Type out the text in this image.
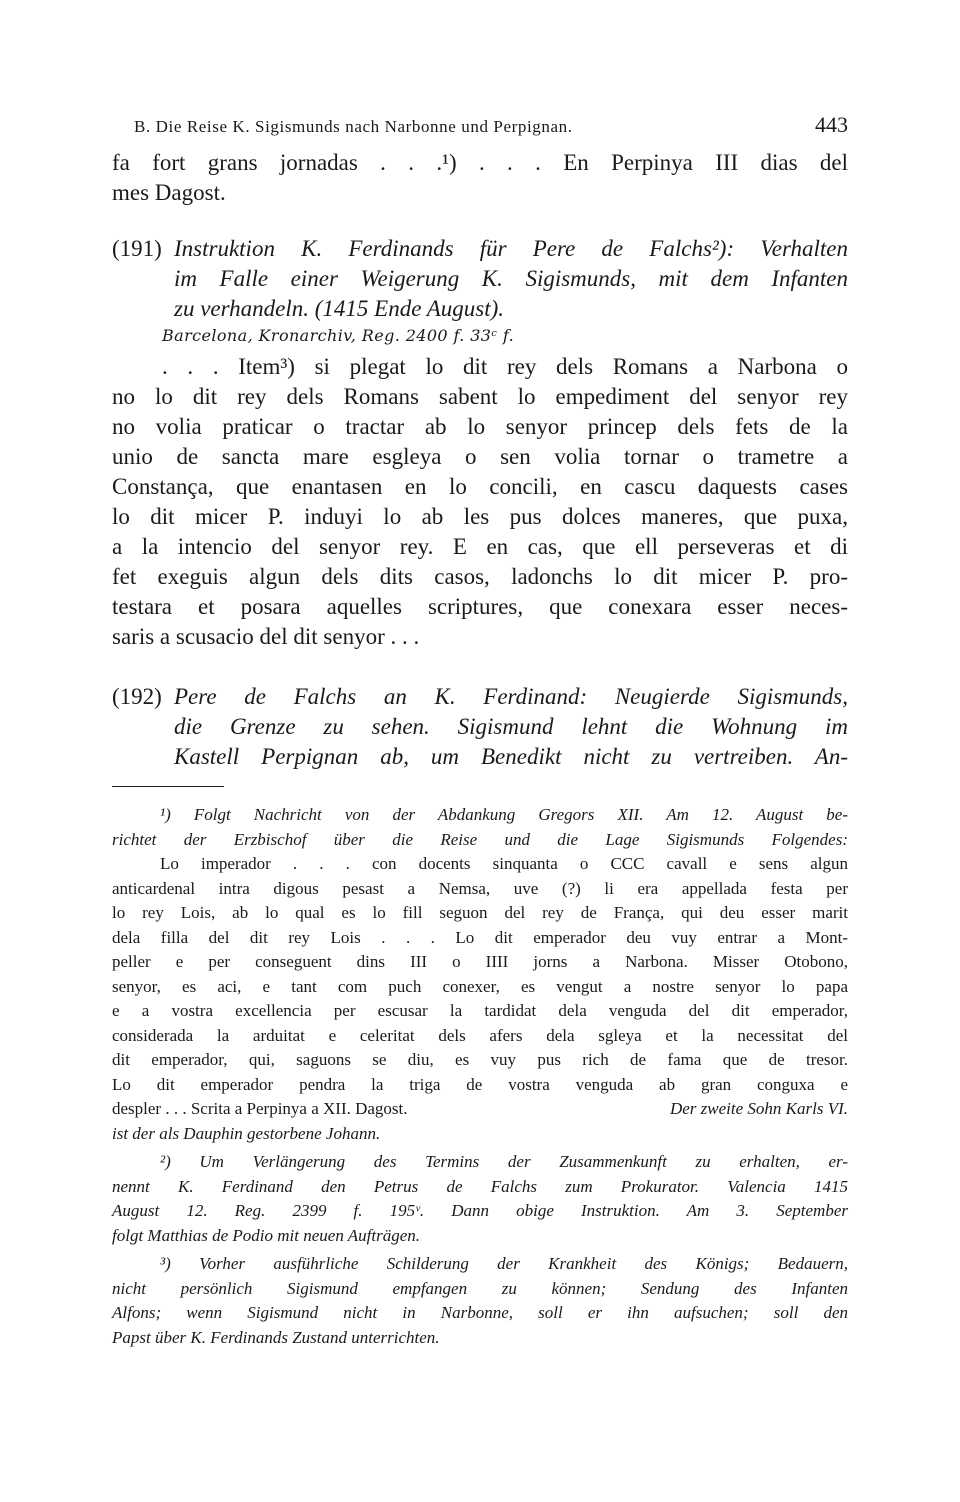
B. Die Reise K. Sigismunds nach Narbonne und Perpignan.	443
fa fort grans jornadas . . .¹) . . . En Perpinya III dias del
mes Dagost.
(191) Instruktion K. Ferdinands für Pere de Falchs²): Verhalten
im Falle einer Weigerung K. Sigismunds, mit dem Infanten
zu verhandeln. (1415 Ende August).
Barcelona, Kronarchiv, Reg. 2400 f. 33ᶜ f.
. . . Item³) si plegat lo dit rey dels Romans a Narbona o
no lo dit rey dels Romans sabent lo empediment del senyor rey
no volia praticar o tractar ab lo senyor princep dels fets de la
unio de sancta mare esgleya o sen volia tornar o trametre a
Constança, que enantasen en lo concili, en cascu daquests cases
lo dit micer P. induyi lo ab les pus dolces maneres, que puxa,
a la intencio del senyor rey. E en cas, que ell perseveras et di
fet exeguis algun dels dits casos, ladonchs lo dit micer P. pro-
testara et posara aquelles scriptures, que conexara esser neces-
saris a scusacio del dit senyor . . .
(192) Pere de Falchs an K. Ferdinand: Neugierde Sigismunds,
die Grenze zu sehen. Sigismund lehnt die Wohnung im
Kastell Perpignan ab, um Benedikt nicht zu vertreiben. An-
¹) Folgt Nachricht von der Abdankung Gregors XII. Am 12. August be-
richtet der Erzbischof über die Reise und die Lage Sigismunds Folgendes:
Lo imperador . . . con docents sinquanta o CCC cavall e sens algun
anticardenal intra digous pesast a Nemsa, uve (?) li era appellada festa per
lo rey Lois, ab lo qual es lo fill seguon del rey de França, qui deu esser marit
dela filla del dit rey Lois . . . Lo dit emperador deu vuy entrar a Mont-
peller e per conseguent dins III o IIII jorns a Narbona. Misser Otobono,
senyor, es aci, e tant com puch conexer, es vengut a nostre senyor lo papa
e a vostra excellencia per escusar la tardidat dela venguda del dit emperador,
considerada la arduitat e celeritat dels afers dela sgleya et la necessitat del
dit emperador, qui, saguons se diu, es vuy pus rich de fama que de tresor.
Lo dit emperador pendra la triga de vostra venguda ab gran conguxa e
despler . . . Scrita a Perpinya a XII. Dagost.	Der zweite Sohn Karls VI.
ist der als Dauphin gestorbene Johann.
²) Um Verlängerung des Termins der Zusammenkunft zu erhalten, er-
nennt K. Ferdinand den Petrus de Falchs zum Prokurator. Valencia 1415
August 12. Reg. 2399 f. 195ᵛ. Dann obige Instruktion. Am 3. September
folgt Matthias de Podio mit neuen Aufträgen.
³) Vorher ausführliche Schilderung der Krankheit des Königs; Bedauern,
nicht persönlich Sigismund empfangen zu können; Sendung des Infanten
Alfons; wenn Sigismund nicht in Narbonne, soll er ihn aufsuchen; soll den
Papst über K. Ferdinands Zustand unterrichten.
